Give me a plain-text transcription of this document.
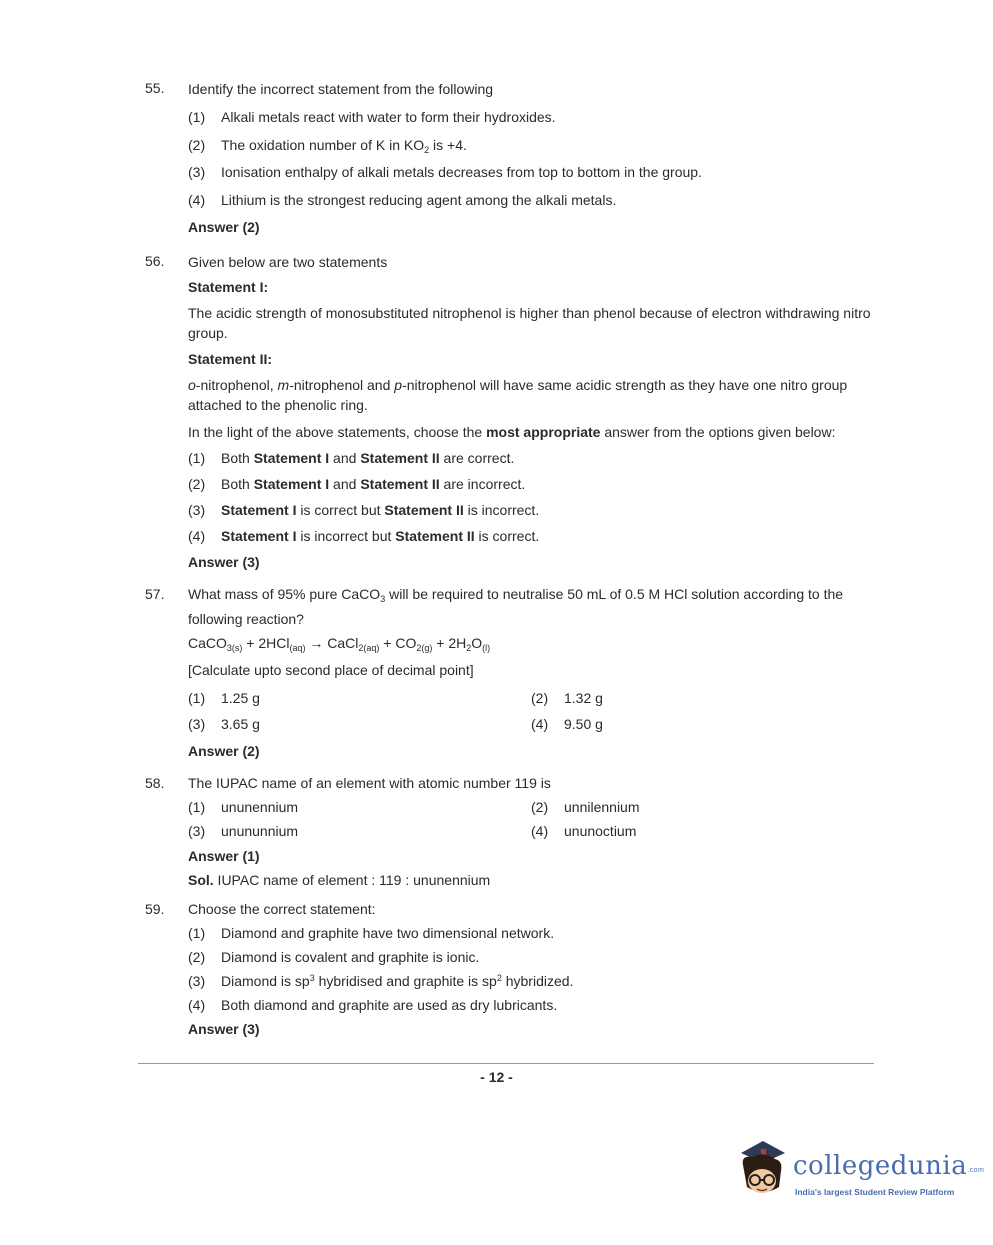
55. Identify the incorrect statement from the following
(1) Alkali metals react with water to form their hydroxides.
(2) The oxidation number of K in $KO_2$ is +4.
(3) Ionisation enthalpy of alkali metals decreases from top to bottom in the group.
(4) Lithium is the strongest reducing agent among the alkali metals.
Answer (2)
56. Given below are two statements
Statement I:
The acidic strength of monosubstituted nitrophenol is higher than phenol because of electron withdrawing nitro group.
Statement II:
o-nitrophenol, m-nitrophenol and p-nitrophenol will have same acidic strength as they have one nitro group attached to the phenolic ring.
In the light of the above statements, choose the most appropriate answer from the options given below:
(1) Both Statement I and Statement II are correct.
(2) Both Statement I and Statement II are incorrect.
(3) Statement I is correct but Statement II is incorrect.
(4) Statement I is incorrect but Statement II is correct.
Answer (3)
57. What mass of 95% pure CaCO$_3$ will be required to neutralise 50 mL of 0.5 M HCl solution according to the following reaction?
CaCO$_{3(s)}$ + 2HCl$_{(aq)}$ → CaCl$_{2(aq)}$ + $CO_{2(g)} + 2H_2O_{(l)}$
[Calculate upto second place of decimal point]
(1) 1.25 g	(2) 1.32 g
(3) 3.65 g	(4) 9.50 g
Answer (2)
58. The IUPAC name of an element with atomic number 119 is
(1) ununennium	(2) unnilennium
(3) unununnium	(4) ununoctium
Answer (1)
Sol. IUPAC name of element : 119 : ununennium
59. Choose the correct statement:
(1) Diamond and graphite have two dimensional network.
(2) Diamond is covalent and graphite is ionic.
(3) Diamond is $sp^3$ hybridised and graphite is $sp^2$ hybridized.
(4) Both diamond and graphite are used as dry lubricants.
Answer (3)
- 12 -
collegedunia.com
India's largest Student Review Platform
